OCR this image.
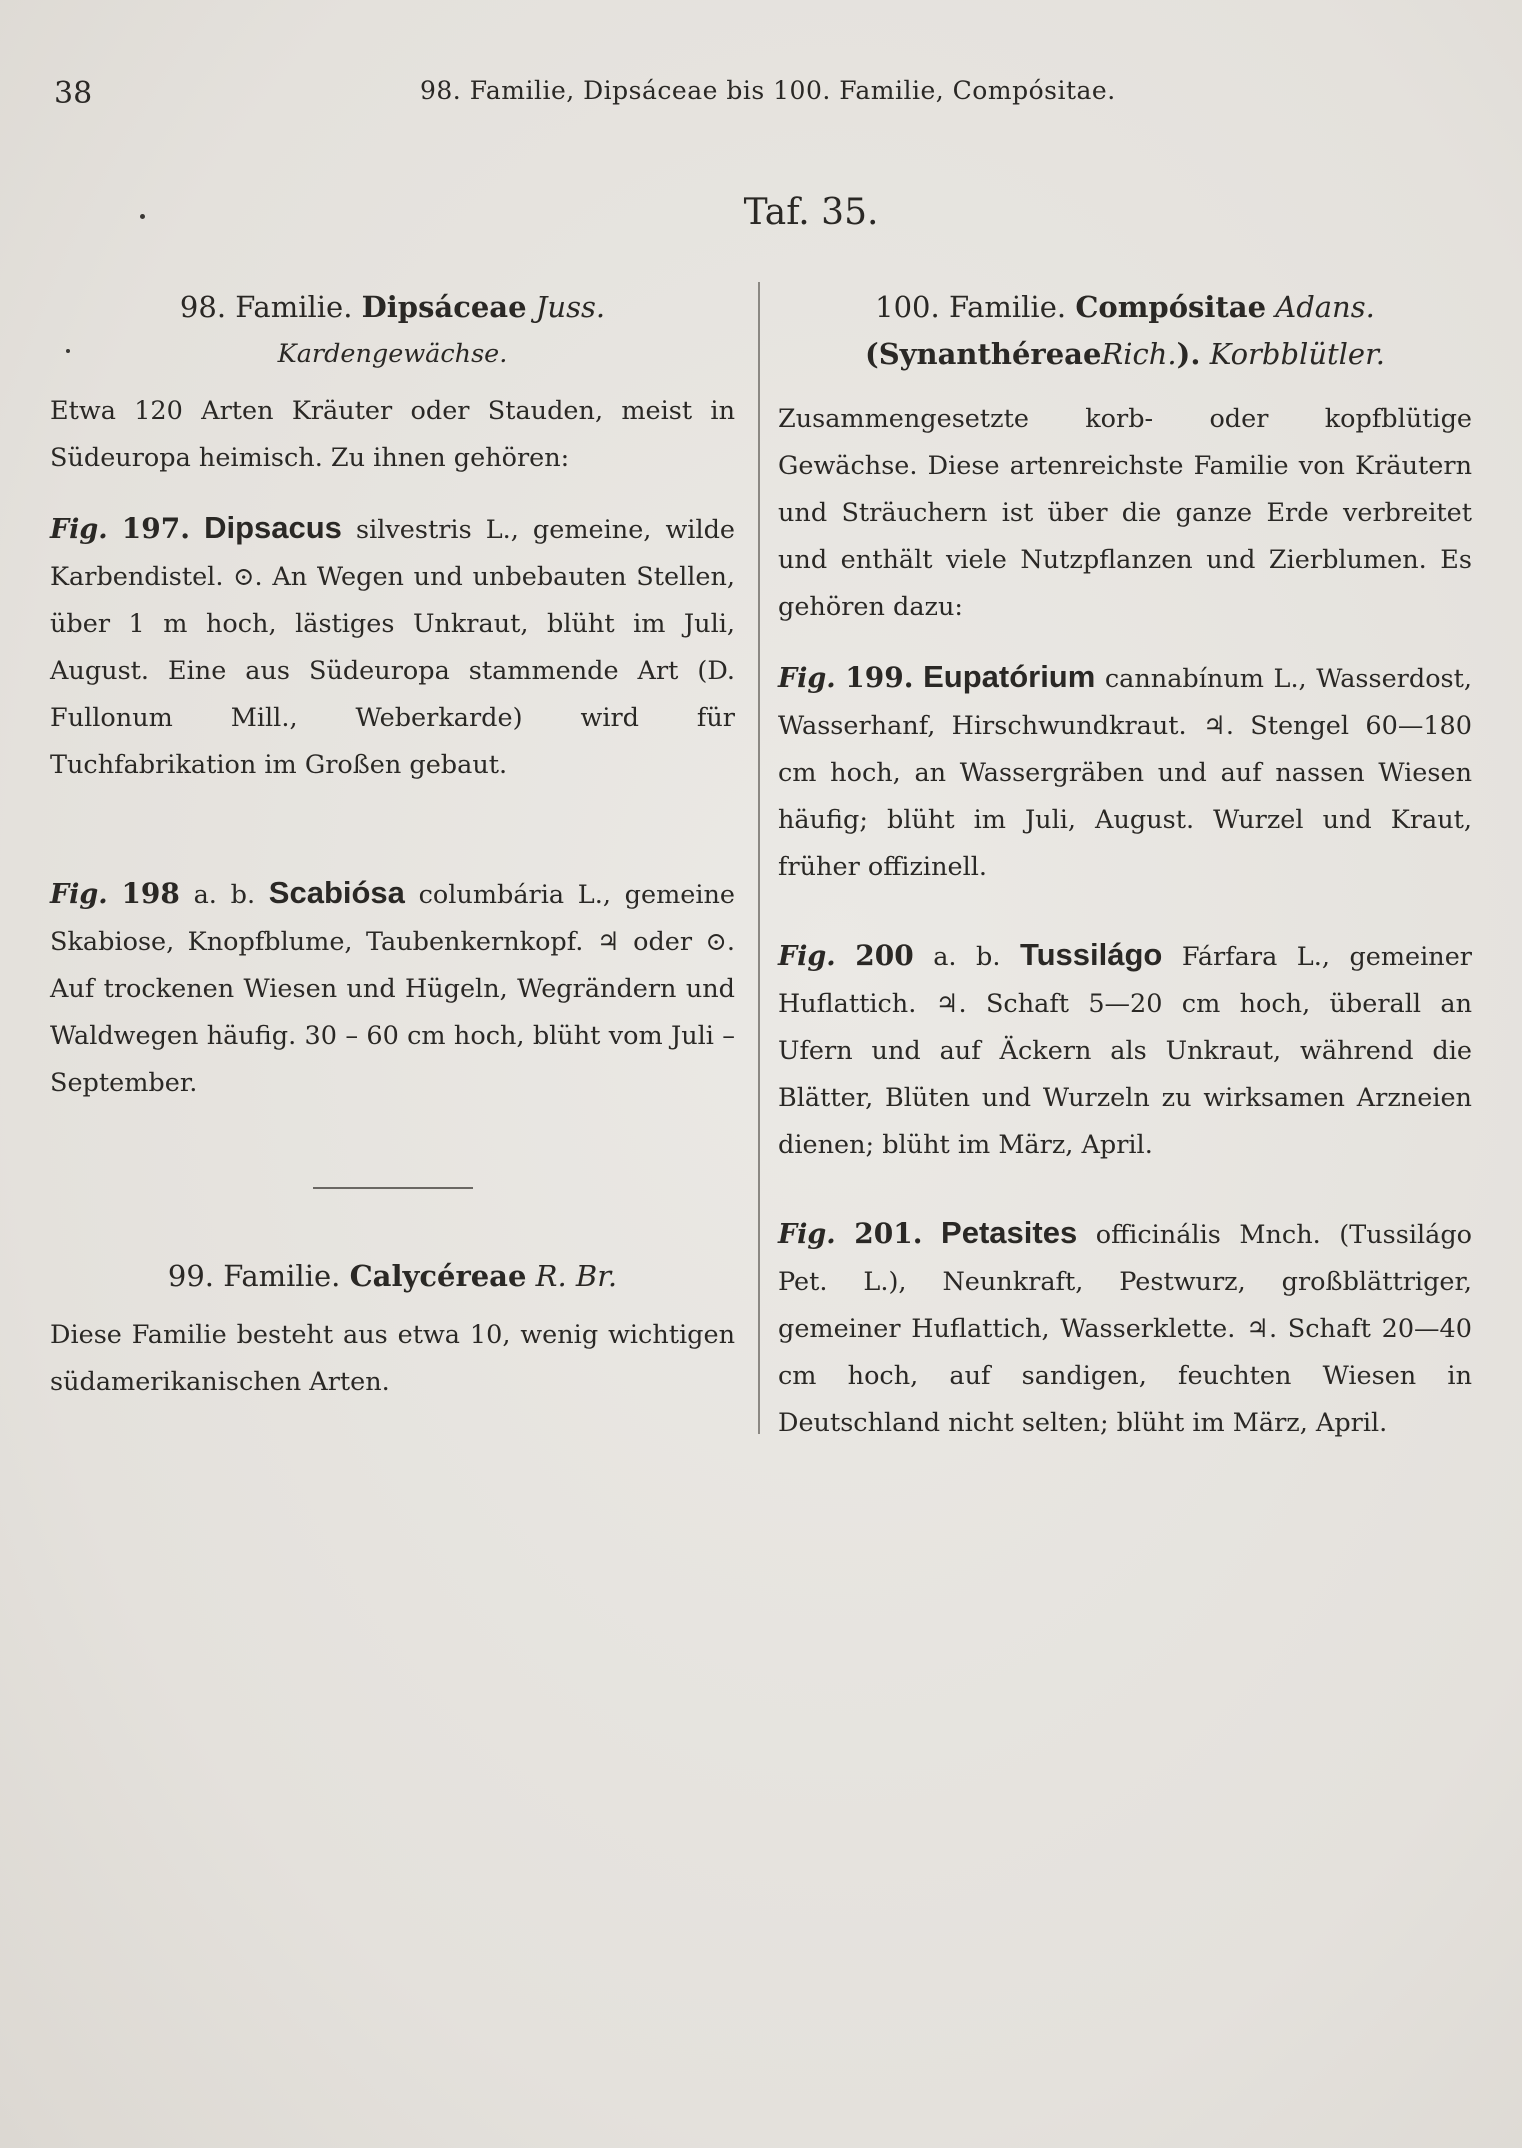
38	98. Familie, Dipsáceae bis 100. Familie, Compósitae.
Taf. 35.

98. Familie. Dipsáceae Juss.

Kardengewächse.

Etwa 120 Arten Kräuter oder Stauden, meist in Südeuropa heimisch. Zu ihnen gehören:

Fig. 197. Dipsacus silvestris L., gemeine, wilde Karbendistel. ⊙. An Wegen und unbebauten Stellen, über 1 m hoch, lästiges Unkraut, blüht im Juli, August. Eine aus Südeuropa stammende Art (D. Fullonum Mill., Weberkarde) wird für Tuchfabrikation im Großen gebaut.

Fig. 198 a. b. Scabiósa columbária L., gemeine Skabiose, Knopfblume, Taubenkernkopf. ♃ oder ⊙. Auf trockenen Wiesen und Hügeln, Wegrändern und Waldwegen häufig. 30 – 60 cm hoch, blüht vom Juli – September.

99. Familie. Calycéreae R. Br.

Diese Familie besteht aus etwa 10, wenig wichtigen südamerikanischen Arten.

100. Familie. Compósitae Adans. (SynanthéreaeRich.). Korbblütler.

Zusammengesetzte korb- oder kopfblütige Gewächse. Diese artenreichste Familie von Kräutern und Sträuchern ist über die ganze Erde verbreitet und enthält viele Nutzpflanzen und Zierblumen. Es gehören dazu:

Fig. 199. Eupatórium cannabínum L., Wasserdost, Wasserhanf, Hirschwundkraut. ♃. Stengel 60—180 cm hoch, an Wassergräben und auf nassen Wiesen häufig; blüht im Juli, August. Wurzel und Kraut, früher offizinell.

Fig. 200 a. b. Tussilágo Fárfara L., gemeiner Huflattich. ♃. Schaft 5—20 cm hoch, überall an Ufern und auf Äckern als Unkraut, während die Blätter, Blüten und Wurzeln zu wirksamen Arzneien dienen; blüht im März, April.

Fig. 201. Petasites officinális Mnch. (Tussilágo Pet. L.), Neunkraft, Pestwurz, großblättriger, gemeiner Huflattich, Wasserklette. ♃. Schaft 20—40 cm hoch, auf sandigen, feuchten Wiesen in Deutschland nicht selten; blüht im März, April.
